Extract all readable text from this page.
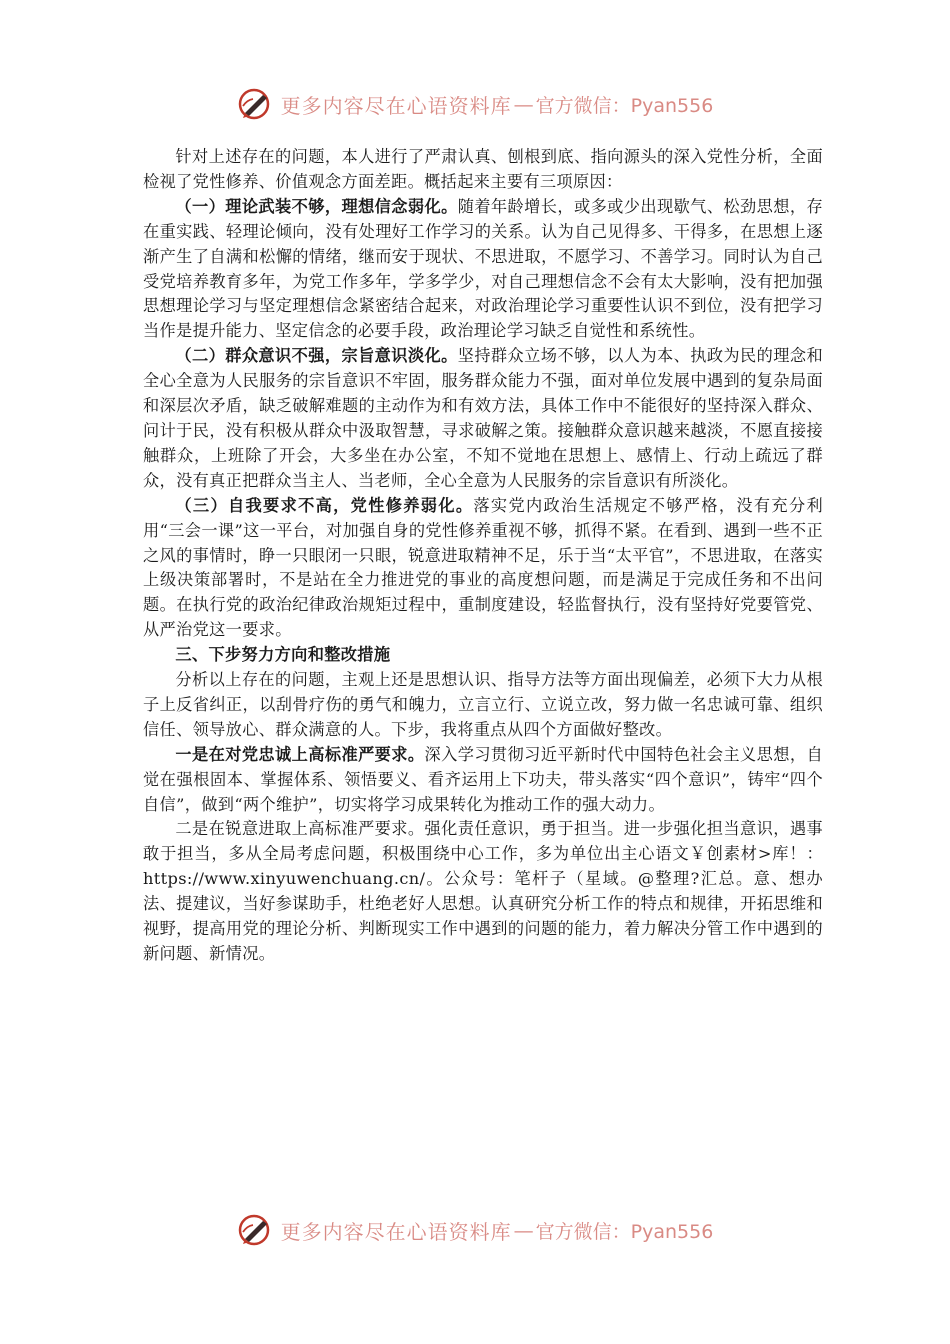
更多内容尽在心语资料库 — 官方微信：Pyan556

针对上述存在的问题，本人进行了严肃认真、刨根到底、指向源头的深入党性分析，全面检视了党性修养、价值观念方面差距。概括起来主要有三项原因：

（一）理论武装不够，理想信念弱化。随着年龄增长，或多或少出现歇气、松劲思想，存在重实践、轻理论倾向，没有处理好工作学习的关系。认为自己见得多、干得多，在思想上逐渐产生了自满和松懈的情绪，继而安于现状、不思进取，不愿学习、不善学习。同时认为自己受党培养教育多年，为党工作多年，学多学少，对自己理想信念不会有太大影响，没有把加强思想理论学习与坚定理想信念紧密结合起来，对政治理论学习重要性认识不到位，没有把学习当作是提升能力、坚定信念的必要手段，政治理论学习缺乏自觉性和系统性。

（二）群众意识不强，宗旨意识淡化。坚持群众立场不够，以人为本、执政为民的理念和全心全意为人民服务的宗旨意识不牢固，服务群众能力不强，面对单位发展中遇到的复杂局面和深层次矛盾，缺乏破解难题的主动作为和有效方法，具体工作中不能很好的坚持深入群众、问计于民，没有积极从群众中汲取智慧，寻求破解之策。接触群众意识越来越淡，不愿直接接触群众，上班除了开会，大多坐在办公室，不知不觉地在思想上、感情上、行动上疏远了群众，没有真正把群众当主人、当老师，全心全意为人民服务的宗旨意识有所淡化。

（三）自我要求不高，党性修养弱化。落实党内政治生活规定不够严格，没有充分利用“三会一课”这一平台，对加强自身的党性修养重视不够，抓得不紧。在看到、遇到一些不正之风的事情时，睁一只眼闭一只眼，锐意进取精神不足，乐于当“太平官”，不思进取，在落实上级决策部署时，不是站在全力推进党的事业的高度想问题，而是满足于完成任务和不出问题。在执行党的政治纪律政治规矩过程中，重制度建设，轻监督执行，没有坚持好党要管党、从严治党这一要求。

三、下步努力方向和整改措施

分析以上存在的问题，主观上还是思想认识、指导方法等方面出现偏差，必须下大力从根子上反省纠正，以刮骨疗伤的勇气和魄力，立言立行、立说立改，努力做一名忠诚可靠、组织信任、领导放心、群众满意的人。下步，我将重点从四个方面做好整改。

一是在对党忠诚上高标准严要求。深入学习贯彻习近平新时代中国特色社会主义思想，自觉在强根固本、掌握体系、领悟要义、看齐运用上下功夫，带头落实“四个意识”，铸牢“四个自信”，做到“两个维护”，切实将学习成果转化为推动工作的强大动力。

二是在锐意进取上高标准严要求。强化责任意识，勇于担当。进一步强化担当意识，遇事敢于担当，多从全局考虑问题，积极围绕中心工作，多为单位出主心语文￥创素材>库！：https://www.xinyuwenchuang.cn/。公众号：笔杆子（星域。@整理?汇总。意、想办法、提建议，当好参谋助手，杜绝老好人思想。认真研究分析工作的特点和规律，开拓思维和视野，提高用党的理论分析、判断现实工作中遇到的问题的能力，着力解决分管工作中遇到的新问题、新情况。

更多内容尽在心语资料库 — 官方微信：Pyan556
